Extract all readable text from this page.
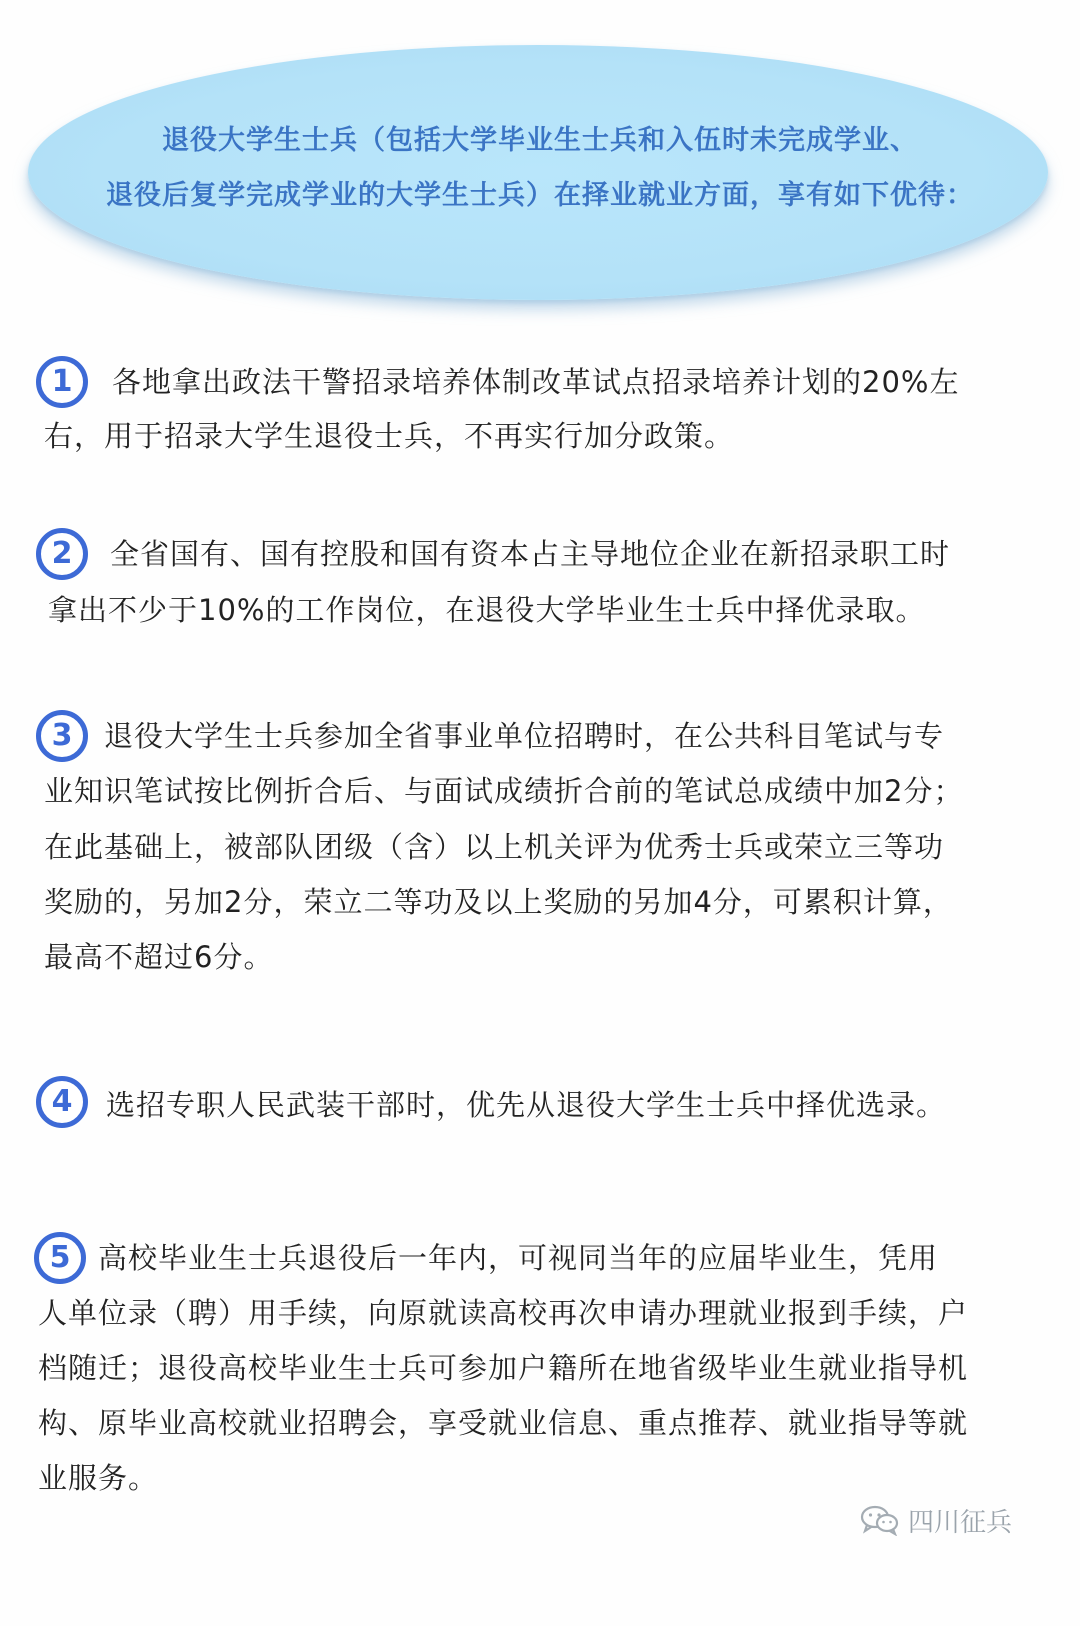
退役大学生士兵（包括大学毕业生士兵和入伍时未完成学业、
退役后复学完成学业的大学生士兵）在择业就业方面，享有如下优待：
1	各地拿出政法干警招录培养体制改革试点招录培养计划的20%左
右，用于招录大学生退役士兵，不再实行加分政策。
2	全省国有、国有控股和国有资本占主导地位企业在新招录职工时
拿出不少于10%的工作岗位，在退役大学毕业生士兵中择优录取。
3	退役大学生士兵参加全省事业单位招聘时，在公共科目笔试与专
业知识笔试按比例折合后、与面试成绩折合前的笔试总成绩中加2分；
在此基础上，被部队团级（含）以上机关评为优秀士兵或荣立三等功
奖励的，另加2分，荣立二等功及以上奖励的另加4分，可累积计算，
最高不超过6分。
4	选招专职人民武装干部时，优先从退役大学生士兵中择优选录。
5 高校毕业生士兵退役后一年内，可视同当年的应届毕业生，凭用
人单位录（聘）用手续，向原就读高校再次申请办理就业报到手续，户
档随迁；退役高校毕业生士兵可参加户籍所在地省级毕业生就业指导机
构、原毕业高校就业招聘会，享受就业信息、重点推荐、就业指导等就
业服务。
四川征兵
